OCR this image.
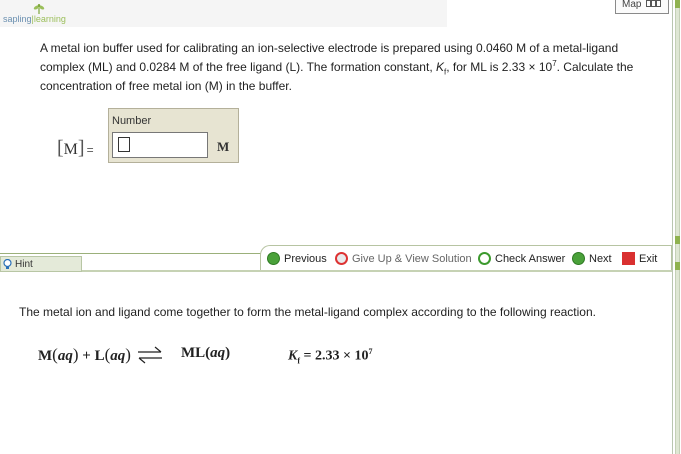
sapling|learning
Map
A metal ion buffer used for calibrating an ion-selective electrode is prepared using 0.0460 M of a metal-ligand complex (ML) and 0.0284 M of the free ligand (L). The formation constant, $K_f$, for ML is $2.33 \times 10^7$. Calculate the concentration of free metal ion (M) in the buffer.
[M] =
Number
M
Hint	Previous Give Up & View Solution Check Answer Next Exit
The metal ion and ligand come together to form the metal-ligand complex according to the following reaction.
M(aq) + L(aq) ⇌ ML(aq)	$K_f = 2.33 \times 10^7$
